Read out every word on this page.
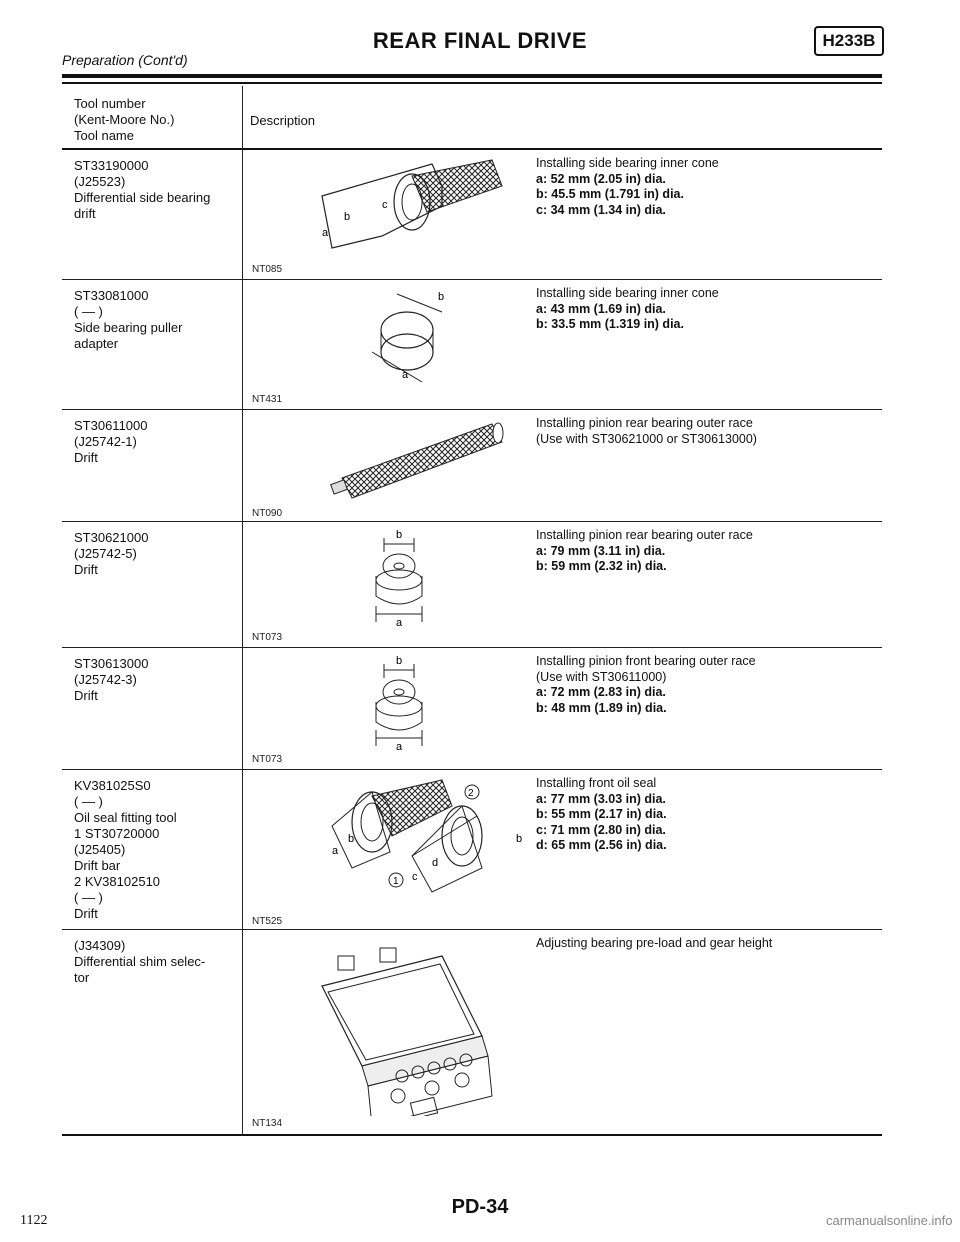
Preparation (Cont'd)
REAR FINAL DRIVE	H233B
Tool number
(Kent-Moore No.)
Tool name
Description
ST33190000
(J25523)
Differential side bearing
drift
a
b
c
Installing side bearing inner cone
a: 52 mm (2.05 in) dia.
b: 45.5 mm (1.791 in) dia.
c: 34 mm (1.34 in) dia.
NT085
ST33081000
( — )
Side bearing puller
adapter
b
a
Installing side bearing inner cone
a: 43 mm (1.69 in) dia.
b: 33.5 mm (1.319 in) dia.
NT431
ST30611000
(J25742-1)
Drift
Installing pinion rear bearing outer race
(Use with ST30621000 or ST30613000)
NT090
ST30621000
(J25742-5)
Drift
b
a
Installing pinion rear bearing outer race
a: 79 mm (3.11 in) dia.
b: 59 mm (2.32 in) dia.
NT073
ST30613000
(J25742-3)
Drift
b
a
Installing pinion front bearing outer race
(Use with ST30611000)
a: 72 mm (2.83 in) dia.
b: 48 mm (1.89 in) dia.
NT073
KV381025S0
( — )
Oil seal fitting tool
1 ST30720000
(J25405)
Drift bar
2 KV38102510
( — )
Drift
2
1
a
b
c
d
b
Installing front oil seal
a: 77 mm (3.03 in) dia.
b: 55 mm (2.17 in) dia.
c: 71 mm (2.80 in) dia.
d: 65 mm (2.56 in) dia.
NT525
(J34309)
Differential shim selec-
tor
Adjusting bearing pre-load and gear height
NT134
PD-34
1122	carmanualsonline.info
